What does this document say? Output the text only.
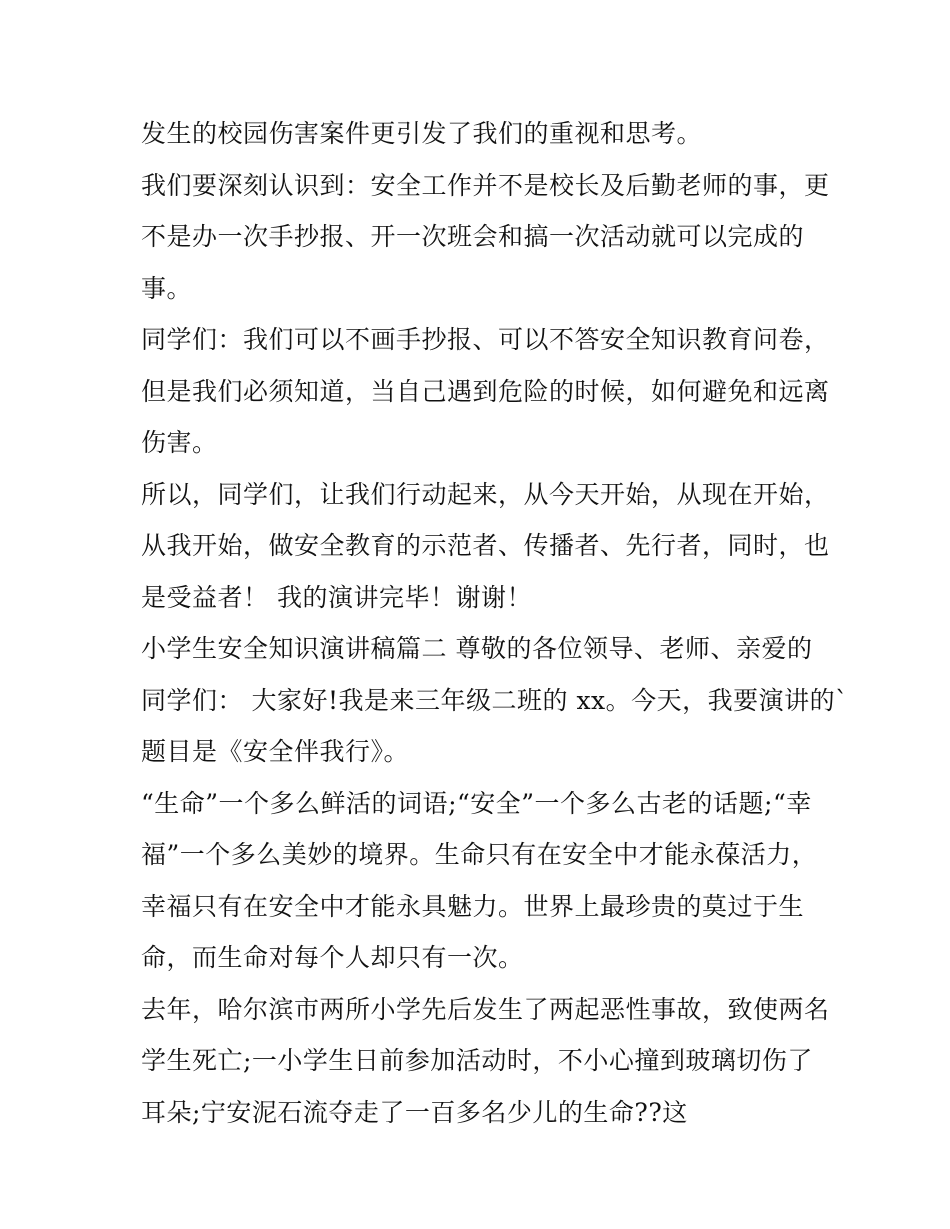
发生的校园伤害案件更引发了我们的重视和思考。
我们要深刻认识到：安全工作并不是校长及后勤老师的事，更
不是办一次手抄报、开一次班会和搞一次活动就可以完成的
事。
同学们：我们可以不画手抄报、可以不答安全知识教育问卷，
但是我们必须知道，当自己遇到危险的时候，如何避免和远离
伤害。
所以，同学们，让我们行动起来，从今天开始，从现在开始，
从我开始，做安全教育的示范者、传播者、先行者，同时，也
是受益者！ 我的演讲完毕！谢谢！
小学生安全知识演讲稿篇二 尊敬的各位领导、老师、亲爱的
同学们： 大家好!我是来三年级二班的 xx。今天，我要演讲的`
题目是《安全伴我行》。
“生命”一个多么鲜活的词语;“安全”一个多么古老的话题;“幸
福”一个多么美妙的境界。生命只有在安全中才能永葆活力，
幸福只有在安全中才能永具魅力。世界上最珍贵的莫过于生
命，而生命对每个人却只有一次。
去年，哈尔滨市两所小学先后发生了两起恶性事故，致使两名
学生死亡;一小学生日前参加活动时，不小心撞到玻璃切伤了
耳朵;宁安泥石流夺走了一百多名少儿的生命??这
